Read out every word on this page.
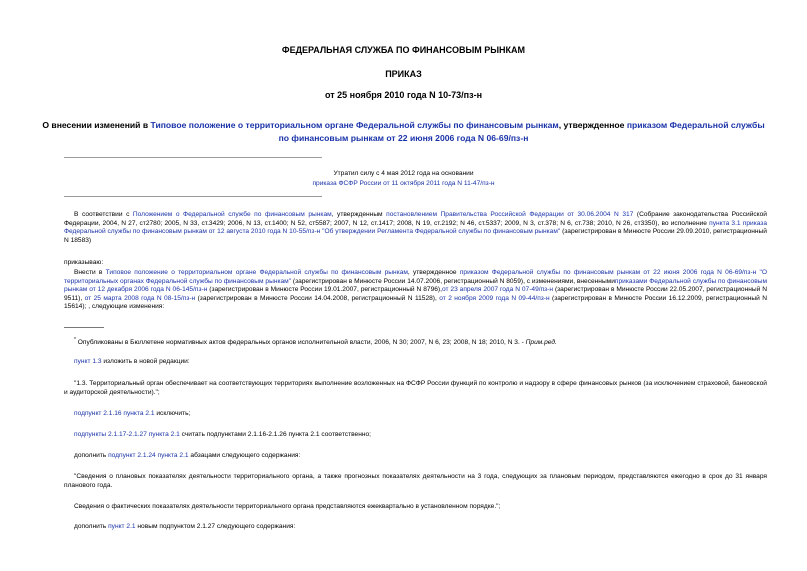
ФЕДЕРАЛЬНАЯ СЛУЖБА ПО ФИНАНСОВЫМ РЫНКАМ
ПРИКАЗ
от 25 ноября 2010 года N 10-73/пз-н
О внесении изменений в Типовое положение о территориальном органе Федеральной службы по финансовым рынкам, утвержденное приказом Федеральной службы по финансовым рынкам от 22 июня 2006 года N 06-69/пз-н
Утратил силу с 4 мая 2012 года на основании
приказа ФСФР России от 11 октября 2011 года N 11-47/пз-н
В соответствии с Положением о Федеральной службе по финансовым рынкам, утвержденным постановлением Правительства Российской Федерации от 30.06.2004 N 317 (Собрание законодательства Российской Федерации, 2004, N 27, ст2780; 2005, N 33, ст.3429; 2006, N 13, ст.1400; N 52, ст5587; 2007, N 12, ст.1417; 2008, N 19, ст.2192; N 46, ст.5337; 2009, N 3, ст.378; N 6, ст.738; 2010, N 26, ст3350), во исполнение пункта 3.1 приказа Федеральной службы по финансовым рынкам от 12 августа 2010 года N 10-55/пз-н "Об утверждении Регламента Федеральной службы по финансовым рынкам" (зарегистрирован в Минюсте России 29.09.2010, регистрационный N 18583)
приказываю:
Внести в Типовое положение о территориальном органе Федеральной службы по финансовым рынкам, утвержденное приказом Федеральной службы по финансовым рынкам от 22 июня 2006 года N 06-69/пз-н "О территориальных органах Федеральной службы по финансовым рынкам" (зарегистрирован в Минюсте России 14.07.2006, регистрационный N 8059), с изменениями, внесеннымиприказами Федеральной службы по финансовым рынкам от 12 декабря 2006 года N 06-145/пз-н (зарегистрирован в Минюсте России 19.01.2007, регистрационный N 8796),от 23 апреля 2007 года N 07-49/пз-н (зарегистрирован в Минюсте России 22.05.2007, регистрационный N 9511), от 25 марта 2008 года N 08-15/пз-н (зарегистрирован в Минюсте России 14.04.2008, регистрационный N 11528), от 2 ноября 2009 года N 09-44/пз-н (зарегистрирован в Минюсте России 16.12.2009, регистрационный N 15614); , следующие изменения:
* Опубликованы в Бюллетене нормативных актов федеральных органов исполнительной власти, 2006, N 30; 2007, N 6, 23; 2008, N 18; 2010, N 3. - Прим.ред.
пункт 1.3 изложить в новой редакции:
"1.3. Территориальный орган обеспечивает на соответствующих территориях выполнение возложенных на ФСФР России функций по контролю и надзору в сфере финансовых рынков (за исключением страховой, банковской и аудиторской деятельности).";
подпункт 2.1.16 пункта 2.1 исключить;
подпункты 2.1.17-2.1.27 пункта 2.1 считать подпунктами 2.1.16-2.1.26 пункта 2.1 соответственно;
дополнить подпункт 2.1.24 пункта 2.1 абзацами следующего содержания:
"Сведения о плановых показателях деятельности территориального органа, а также прогнозных показателях деятельности на 3 года, следующих за плановым периодом, представляются ежегодно в срок до 31 января планового года.
Сведения о фактических показателях деятельности территориального органа представляются ежеквартально в установленном порядке.";
дополнить пункт 2.1 новым подпунктом 2.1.27 следующего содержания:
